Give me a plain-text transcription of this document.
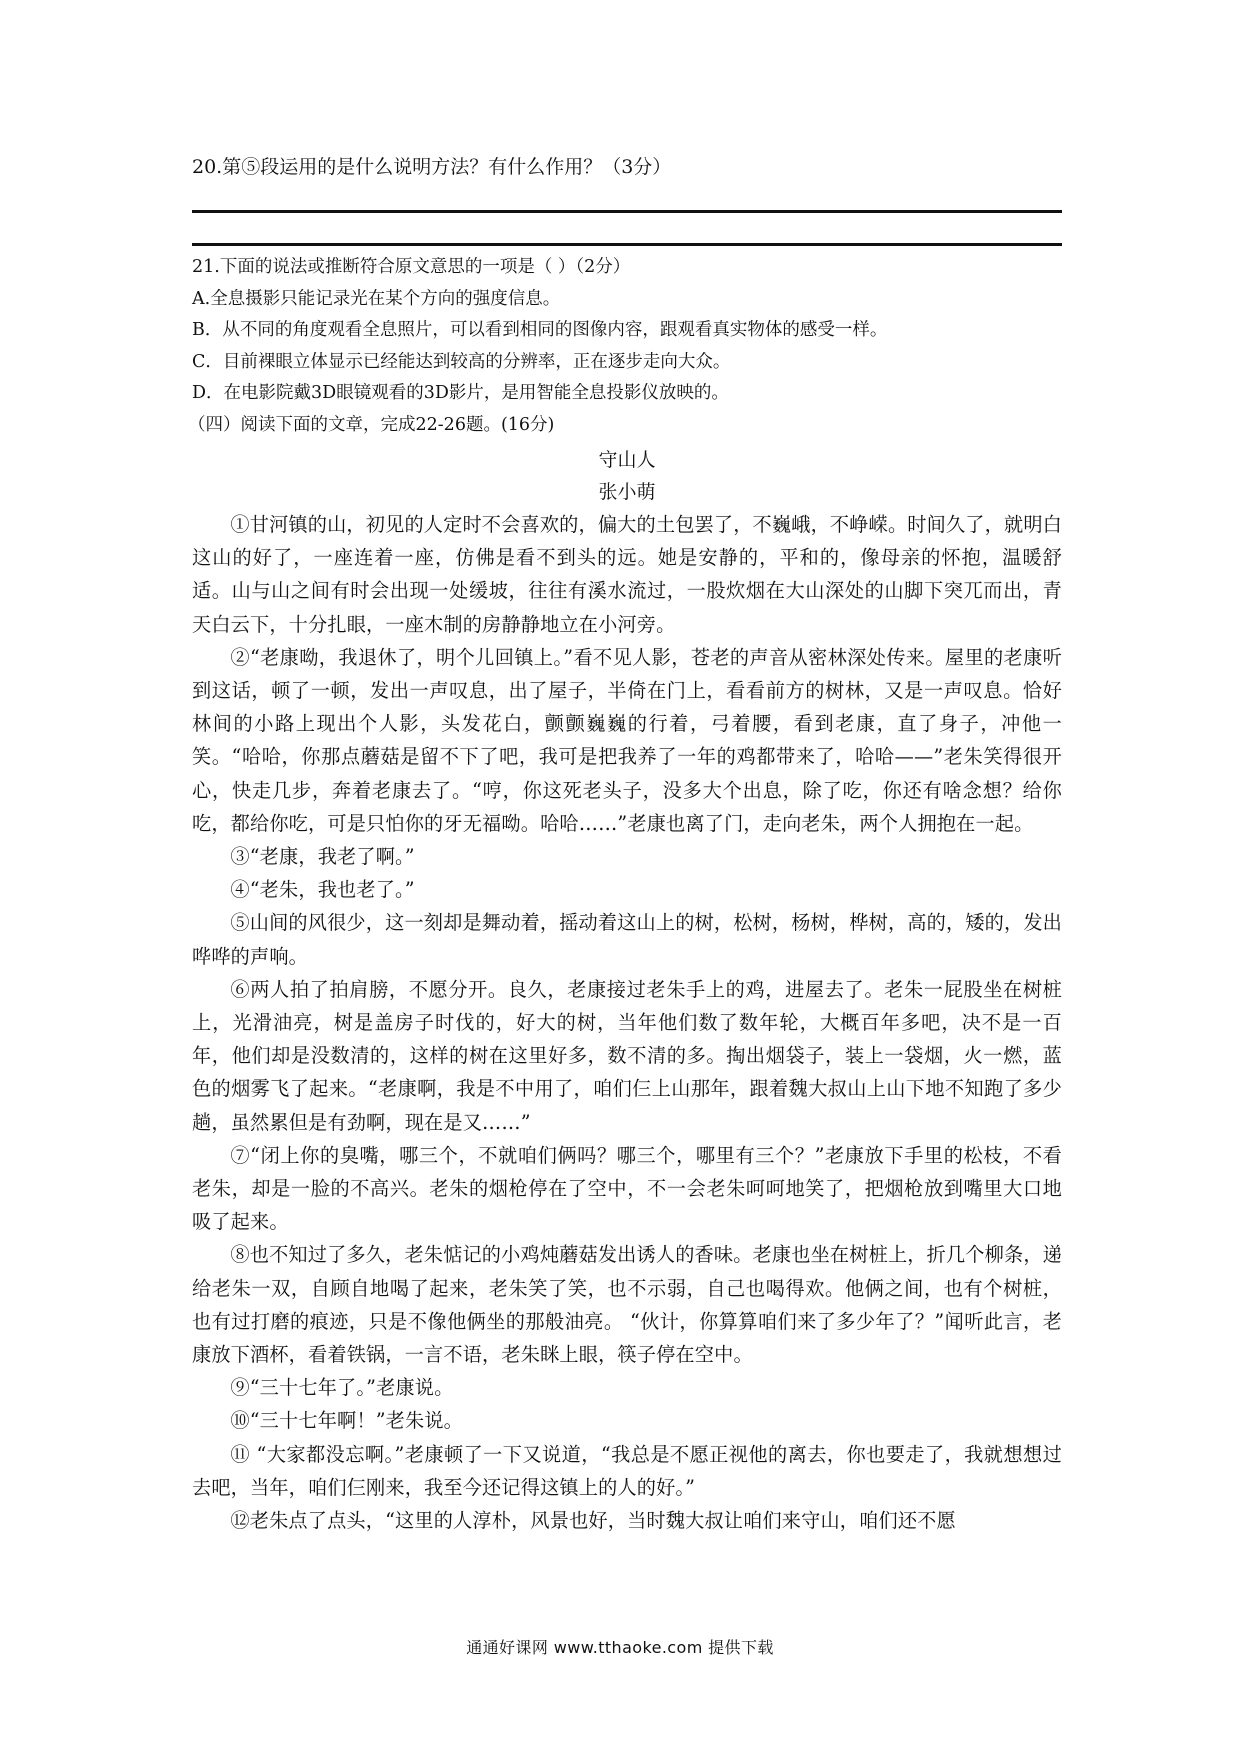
20.第⑤段运用的是什么说明方法？有什么作用？（3分）
21.下面的说法或推断符合原文意思的一项是（ ）（2分）
A.全息摄影只能记录光在某个方向的强度信息。
B．从不同的角度观看全息照片，可以看到相同的图像内容，跟观看真实物体的感受一样。
C．目前裸眼立体显示已经能达到较高的分辨率，正在逐步走向大众。
D．在电影院戴3D眼镜观看的3D影片，是用智能全息投影仪放映的。
（四）阅读下面的文章，完成22-26题。(16分)
守山人
张小萌

①甘河镇的山，初见的人定时不会喜欢的，偏大的土包罢了，不巍峨，不峥嵘。时间久了，就明白这山的好了，一座连着一座，仿佛是看不到头的远。她是安静的，平和的，像母亲的怀抱，温暖舒适。山与山之间有时会出现一处缓坡，往往有溪水流过，一股炊烟在大山深处的山脚下突兀而出，青天白云下，十分扎眼，一座木制的房静静地立在小河旁。

②“老康呦，我退休了，明个儿回镇上。”看不见人影，苍老的声音从密林深处传来。屋里的老康听到这话，顿了一顿，发出一声叹息，出了屋子，半倚在门上，看看前方的树林，又是一声叹息。恰好林间的小路上现出个人影，头发花白，颤颤巍巍的行着，弓着腰，看到老康，直了身子，冲他一笑。“哈哈，你那点蘑菇是留不下了吧，我可是把我养了一年的鸡都带来了，哈哈——”老朱笑得很开心，快走几步，奔着老康去了。“哼，你这死老头子，没多大个出息，除了吃，你还有啥念想？给你吃，都给你吃，可是只怕你的牙无福呦。哈哈……”老康也离了门，走向老朱，两个人拥抱在一起。

③“老康，我老了啊。”

④“老朱，我也老了。”

⑤山间的风很少，这一刻却是舞动着，摇动着这山上的树，松树，杨树，桦树，高的，矮的，发出哗哗的声响。

⑥两人拍了拍肩膀，不愿分开。良久，老康接过老朱手上的鸡，进屋去了。老朱一屁股坐在树桩上，光滑油亮，树是盖房子时伐的，好大的树，当年他们数了数年轮，大概百年多吧，决不是一百年，他们却是没数清的，这样的树在这里好多，数不清的多。掏出烟袋子，装上一袋烟，火一燃，蓝色的烟雾飞了起来。“老康啊，我是不中用了，咱们仨上山那年，跟着魏大叔山上山下地不知跑了多少趟，虽然累但是有劲啊，现在是又……”

⑦“闭上你的臭嘴，哪三个，不就咱们俩吗？哪三个，哪里有三个？”老康放下手里的松枝，不看老朱，却是一脸的不高兴。老朱的烟枪停在了空中，不一会老朱呵呵地笑了，把烟枪放到嘴里大口地吸了起来。

⑧也不知过了多久，老朱惦记的小鸡炖蘑菇发出诱人的香味。老康也坐在树桩上，折几个柳条，递给老朱一双，自顾自地喝了起来，老朱笑了笑，也不示弱，自己也喝得欢。他俩之间，也有个树桩，也有过打磨的痕迹，只是不像他俩坐的那般油亮。 “伙计，你算算咱们来了多少年了？”闻听此言，老康放下酒杯，看着铁锅，一言不语，老朱眯上眼，筷子停在空中。

⑨“三十七年了。”老康说。

⑩“三十七年啊！”老朱说。

⑪ “大家都没忘啊。”老康顿了一下又说道，“我总是不愿正视他的离去，你也要走了，我就想想过去吧，当年，咱们仨刚来，我至今还记得这镇上的人的好。”

⑫老朱点了点头，“这里的人淳朴，风景也好，当时魏大叔让咱们来守山，咱们还不愿

通通好课网 www.tthaoke.com 提供下载
